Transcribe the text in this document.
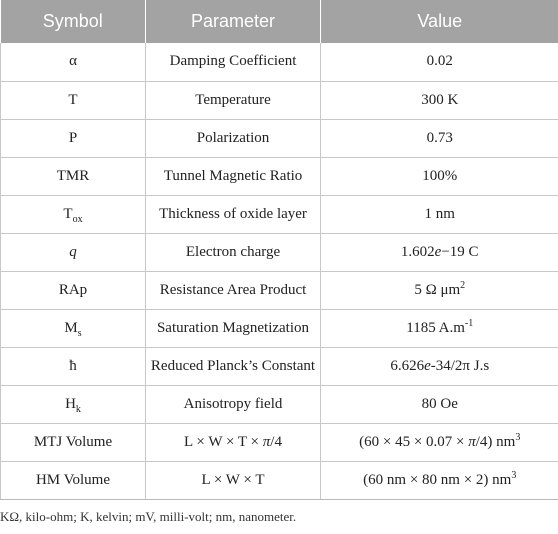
Symbol	Parameter	Value
α	Damping Coefficient	0.02
T	Temperature	300 K
P	Polarization	0.73
TMR	Tunnel Magnetic Ratio	100%
$T_{ox}$	Thickness of oxide layer	1 nm
q	Electron charge	1.602e−19 C
RAp	Resistance Area Product	5 Ω $\mu m^2$
$M_s$	Saturation Magnetization	1185 $A.m^{-1}$
ћ	Reduced Planck’s Constant	6.626e-34/2π J.s
$H_k$	Anisotropy field	80 Oe
MTJ Volume	L × W × T × π/4	(60 × 45 × 0.07 × π/4) $nm^3$
HM Volume	L × W × T	(60 nm × 80 nm × 2) $nm^3$
KΩ, kilo-ohm; K, kelvin; mV, milli-volt; nm, nanometer.
